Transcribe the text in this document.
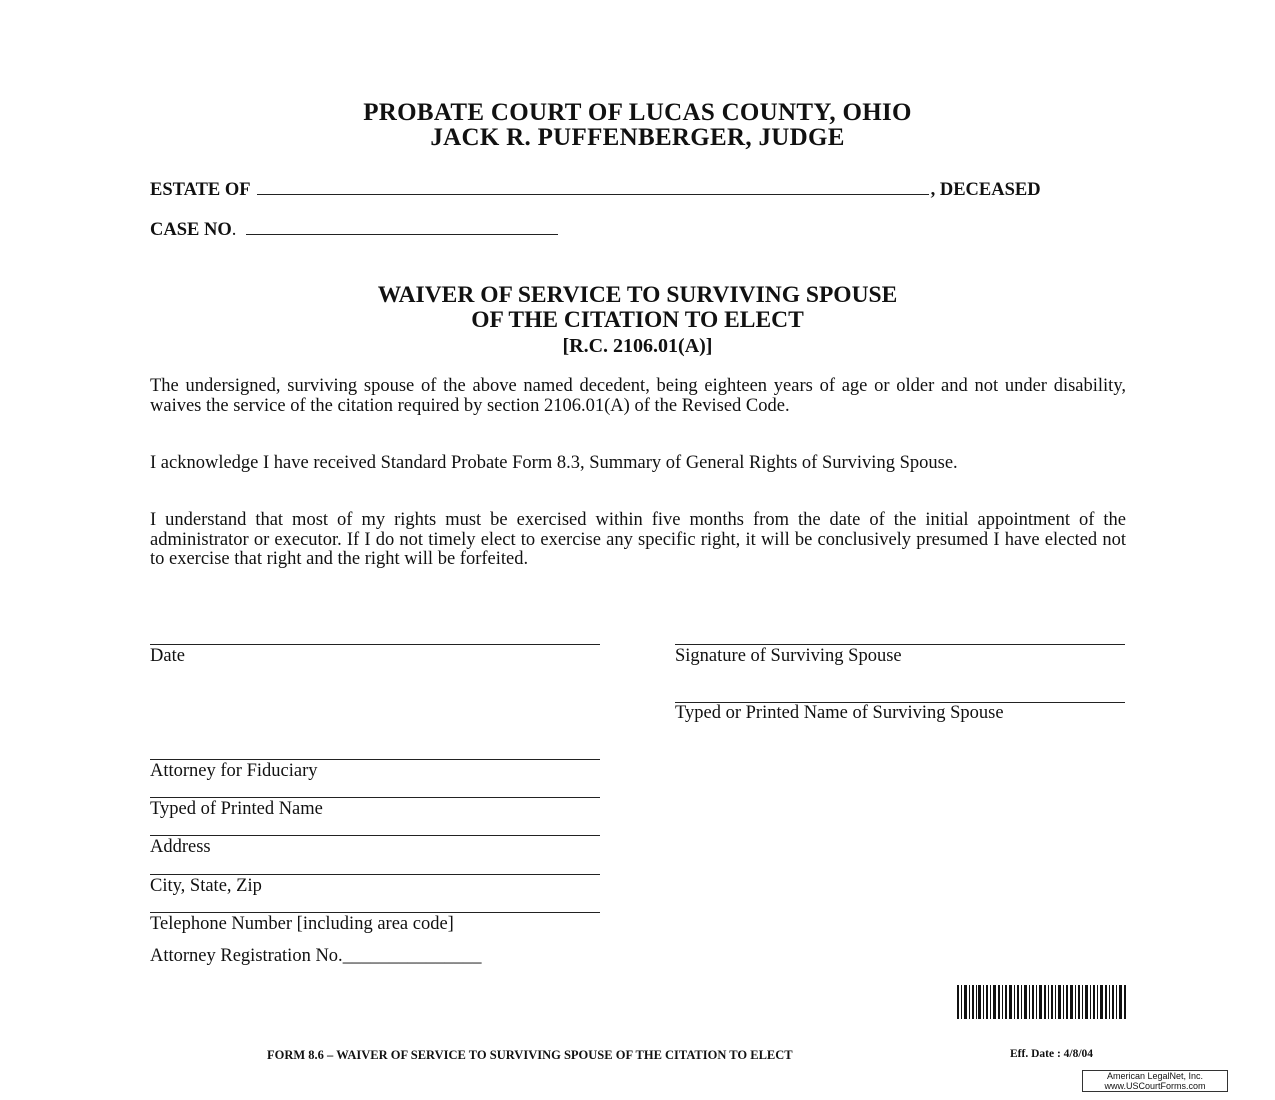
PROBATE COURT OF LUCAS COUNTY, OHIO
JACK R. PUFFENBERGER, JUDGE
ESTATE OF	, DECEASED
CASE NO.
WAIVER OF SERVICE TO SURVIVING SPOUSE
OF THE CITATION TO ELECT
[R.C. 2106.01(A)]
The undersigned, surviving spouse of the above named decedent, being eighteen years of age or older and not under disability, waives the service of the citation required by section 2106.01(A) of the Revised Code.
I acknowledge I have received Standard Probate Form 8.3, Summary of General Rights of Surviving Spouse.
I understand that most of my rights must be exercised within five months from the date of the initial appointment of the administrator or executor. If I do not timely elect to exercise any specific right, it will be conclusively presumed I have elected not to exercise that right and the right will be forfeited.
Date	Signature of Surviving Spouse
Typed or Printed Name of Surviving Spouse
Attorney for Fiduciary
Typed of Printed Name
Address
City, State, Zip
Telephone Number [including area code]
Attorney Registration No._______________
FORM 8.6 – WAIVER OF SERVICE TO SURVIVING SPOUSE OF THE CITATION TO ELECT	Eff. Date : 4/8/04
American LegalNet, Inc.
www.USCourtForms.com
